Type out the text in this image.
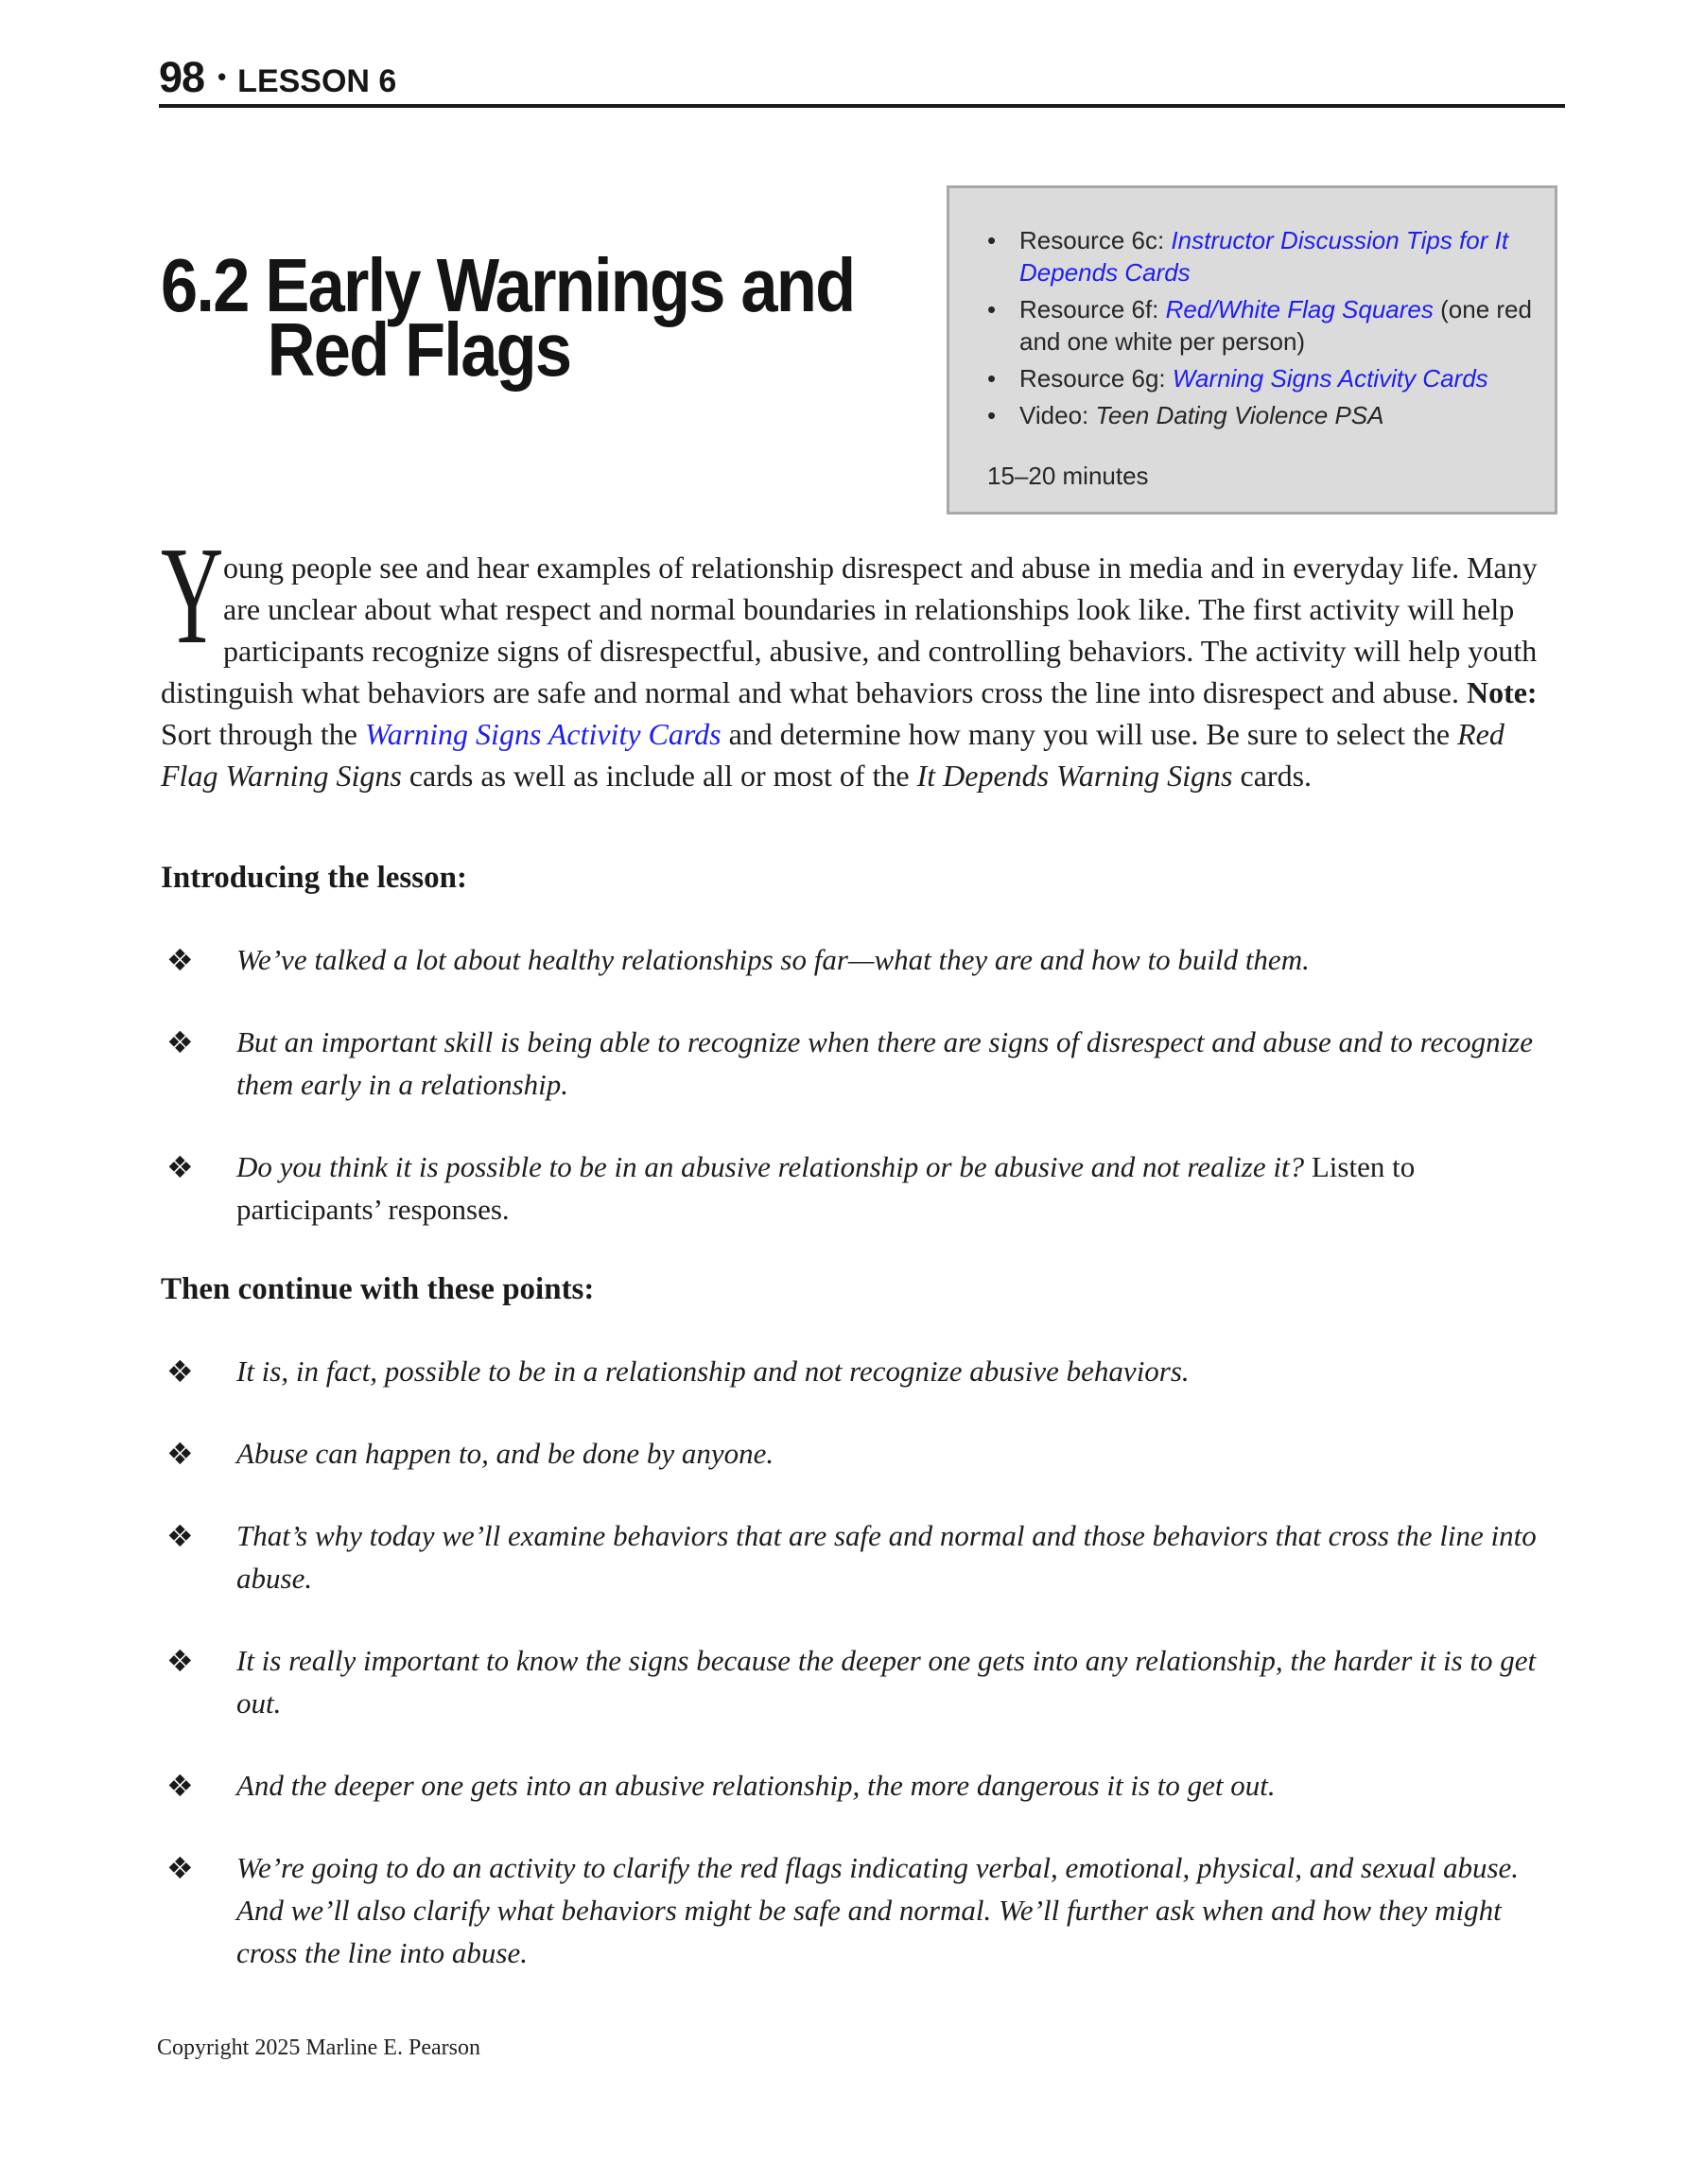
98 • LESSON 6
6.2 Early Warnings and
Red Flags
• Resource 6c: Instructor Discussion Tips for It Depends Cards
• Resource 6f: Red/White Flag Squares (one red and one white per person)
• Resource 6g: Warning Signs Activity Cards
• Video: Teen Dating Violence PSA
15–20 minutes

Young people see and hear examples of relationship disrespect and abuse in media and in everyday life. Many are unclear about what respect and normal boundaries in relationships look like. The first activity will help participants recognize signs of disrespectful, abusive, and controlling behaviors. The activity will help youth distinguish what behaviors are safe and normal and what behaviors cross the line into disrespect and abuse. Note: Sort through the Warning Signs Activity Cards and determine how many you will use. Be sure to select the Red Flag Warning Signs cards as well as include all or most of the It Depends Warning Signs cards.

Introducing the lesson:
❖ We’ve talked a lot about healthy relationships so far—what they are and how to build them.
❖ But an important skill is being able to recognize when there are signs of disrespect and abuse and to recognize them early in a relationship.
❖ Do you think it is possible to be in an abusive relationship or be abusive and not realize it? Listen to participants’ responses.
Then continue with these points:
❖ It is, in fact, possible to be in a relationship and not recognize abusive behaviors.
❖ Abuse can happen to, and be done by anyone.
❖ That’s why today we’ll examine behaviors that are safe and normal and those behaviors that cross the line into abuse.
❖ It is really important to know the signs because the deeper one gets into any relationship, the harder it is to get out.
❖ And the deeper one gets into an abusive relationship, the more dangerous it is to get out.
❖ We’re going to do an activity to clarify the red flags indicating verbal, emotional, physical, and sexual abuse. And we’ll also clarify what behaviors might be safe and normal. We’ll further ask when and how they might cross the line into abuse.
Copyright 2025 Marline E. Pearson
